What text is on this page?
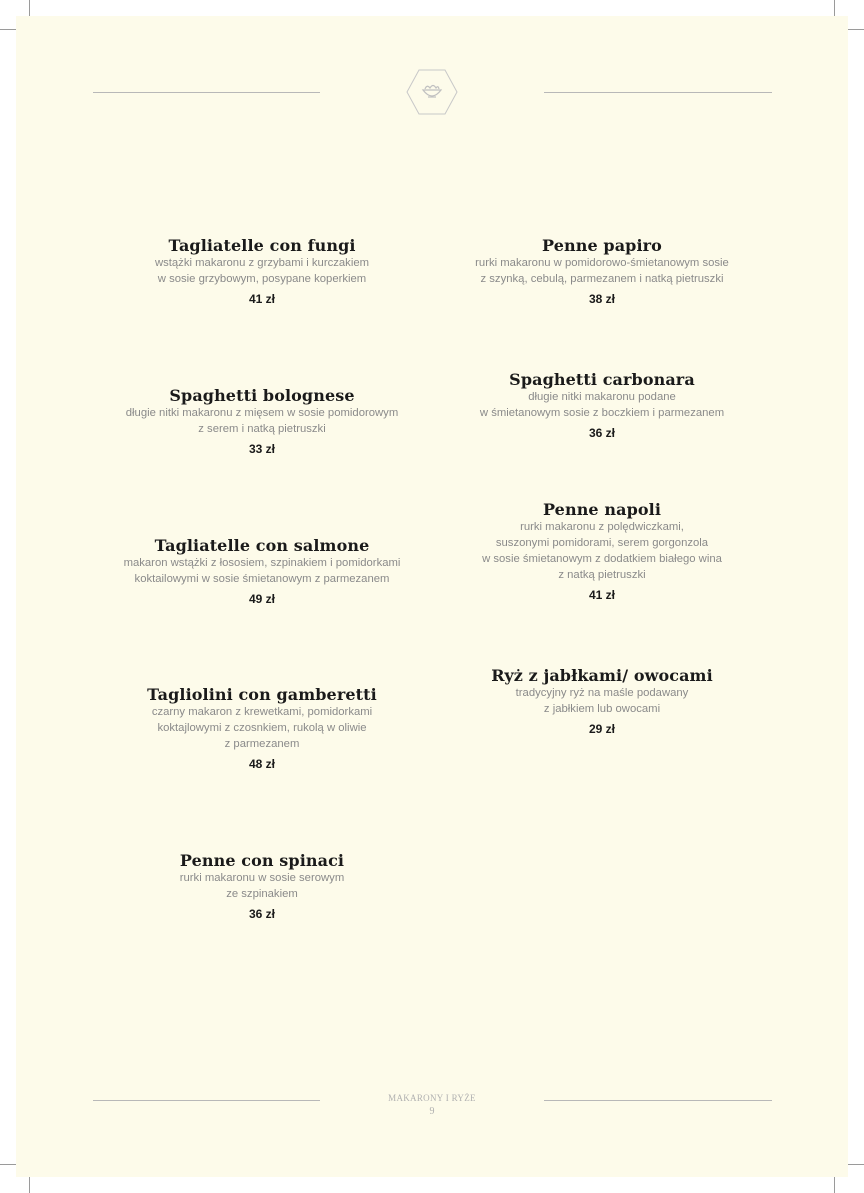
Tagliatelle con fungi

wstążki makaronu z grzybami i kurczakiem

w sosie grzybowym, posypane koperkiem

41 zł

Penne papiro

rurki makaronu w pomidorowo-śmietanowym sosie

z szynką, cebulą, parmezanem i natką pietruszki

38 zł

Spaghetti bolognese

długie nitki makaronu z mięsem w sosie pomidorowym

z serem i natką pietruszki

33 zł

Spaghetti carbonara

długie nitki makaronu podane

w śmietanowym sosie z boczkiem i parmezanem

36 zł

Tagliatelle con salmone

makaron wstążki z łososiem, szpinakiem i pomidorkami

koktailowymi w sosie śmietanowym z parmezanem

49 zł

Penne napoli

rurki makaronu z polędwiczkami,

suszonymi pomidorami, serem gorgonzola

w sosie śmietanowym z dodatkiem białego wina

z natką pietruszki

41 zł

Tagliolini con gamberetti

czarny makaron z krewetkami, pomidorkami

koktajlowymi z czosnkiem, rukolą w oliwie

z parmezanem

48 zł

Ryż z jabłkami/ owocami

tradycyjny ryż na maśle podawany

z jabłkiem lub owocami

29 zł

Penne con spinaci

rurki makaronu w sosie serowym

ze szpinakiem

36 zł

MAKARONY I RYŻE
9
